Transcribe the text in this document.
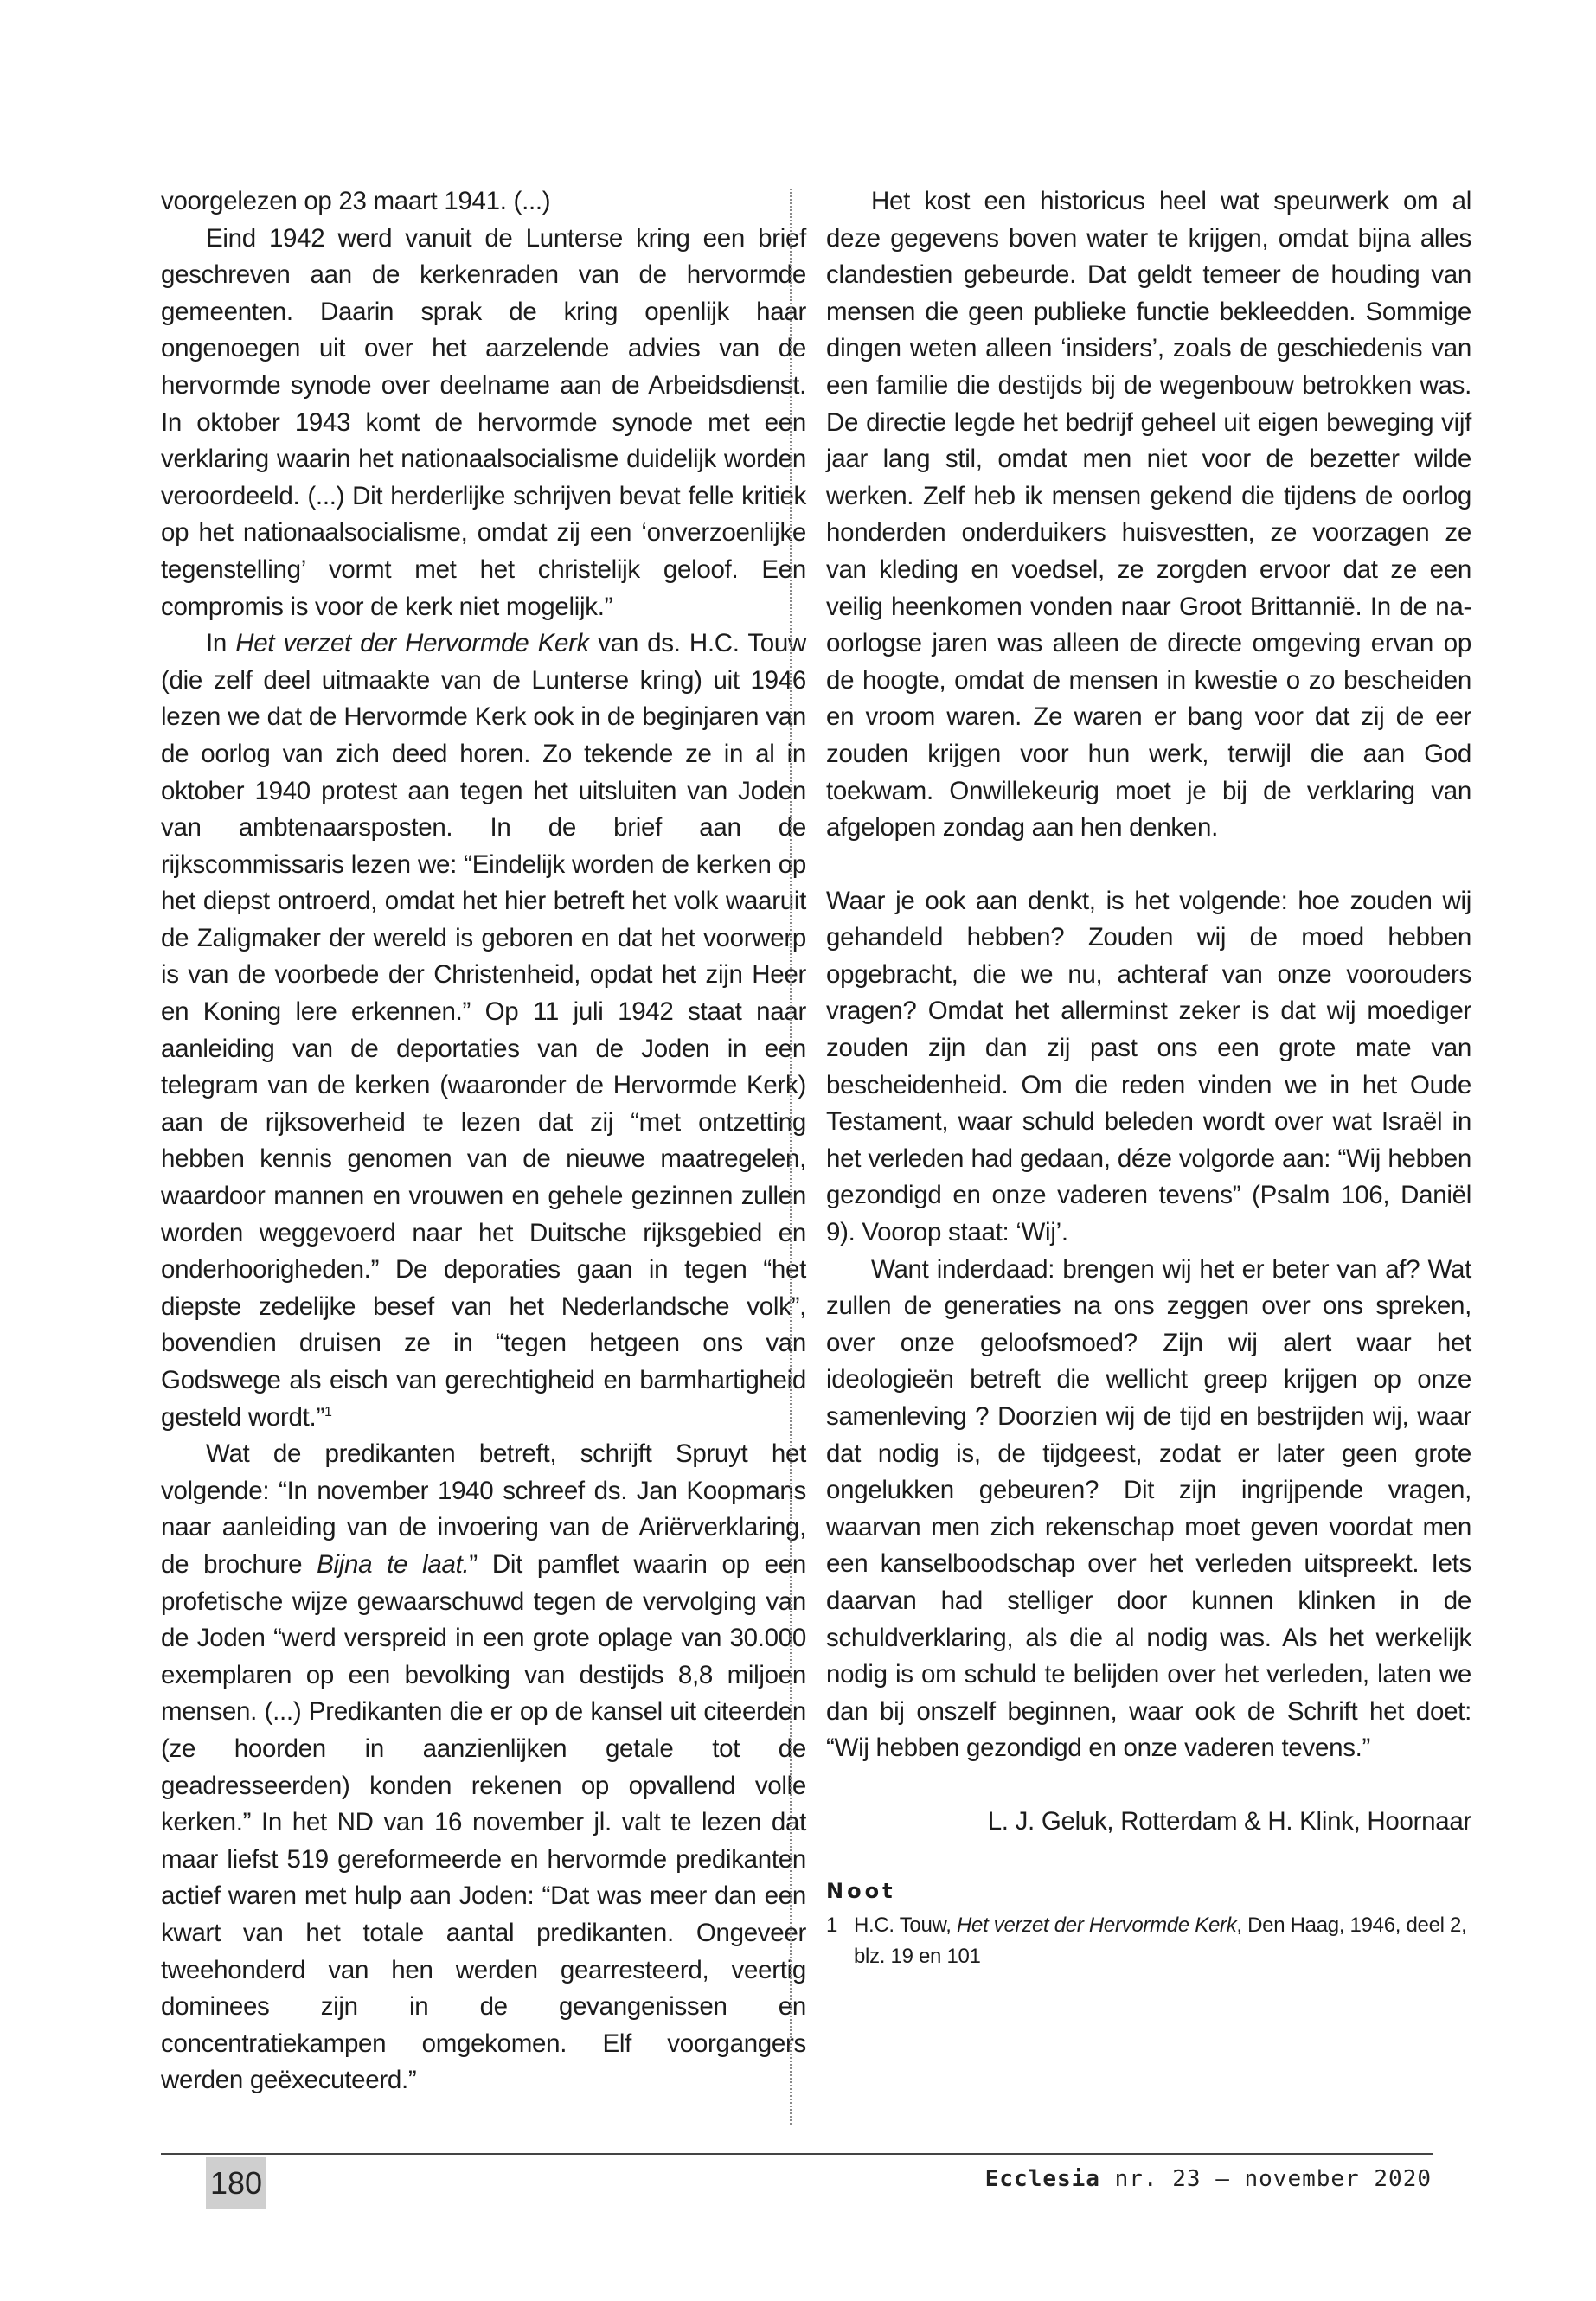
voorgelezen op 23 maart 1941. (...)

Eind 1942 werd vanuit de Lunterse kring een brief geschreven aan de kerkenraden van de hervormde gemeenten. Daarin sprak de kring openlijk haar ongenoegen uit over het aarzelende advies van de hervormde synode over deelname aan de Arbeidsdienst. In oktober 1943 komt de hervormde synode met een verklaring waarin het nationaalsocialisme duidelijk worden veroordeeld. (...) Dit herderlijke schrijven bevat felle kritiek op het nationaalsocialisme, omdat zij een ‘onverzoenlijke tegenstelling’ vormt met het christelijk geloof. Een compromis is voor de kerk niet mogelijk.”

In Het verzet der Hervormde Kerk van ds. H.C. Touw (die zelf deel uitmaakte van de Lunterse kring) uit 1946 lezen we dat de Hervormde Kerk ook in de beginjaren van de oorlog van zich deed horen. Zo tekende ze in al in oktober 1940 protest aan tegen het uitsluiten van Joden van ambtenaarsposten. In de brief aan de rijkscommissaris lezen we: “Eindelijk worden de kerken op het diepst ontroerd, omdat het hier betreft het volk waaruit de Zaligmaker der wereld is geboren en dat het voorwerp is van de voorbede der Christenheid, opdat het zijn Heer en Koning lere erkennen.” Op 11 juli 1942 staat naar aanleiding van de deportaties van de Joden in een telegram van de kerken (waaronder de Hervormde Kerk) aan de rijksoverheid te lezen dat zij “met ontzetting hebben kennis genomen van de nieuwe maatregelen, waardoor mannen en vrouwen en gehele gezinnen zullen worden weggevoerd naar het Duitsche rijksgebied en onderhoorigheden.” De deporaties gaan in tegen “het diepste zedelijke besef van het Nederlandsche volk”, bovendien druisen ze in “tegen hetgeen ons van Godswege als eisch van gerechtigheid en barmhartigheid gesteld wordt.”$^1$

Wat de predikanten betreft, schrijft Spruyt het volgende: “In november 1940 schreef ds. Jan Koopmans naar aanleiding van de invoering van de Ariërverklaring, de brochure Bijna te laat.” Dit pamflet waarin op een profetische wijze gewaarschuwd tegen de vervolging van de Joden “werd verspreid in een grote oplage van 30.000 exemplaren op een bevolking van destijds 8,8 miljoen mensen. (...) Predikanten die er op de kansel uit citeerden (ze hoorden in aanzienlijken getale tot de geadresseerden) konden rekenen op opvallend volle kerken.” In het ND van 16 november jl. valt te lezen dat maar liefst 519 gereformeerde en hervormde predikanten actief waren met hulp aan Joden: “Dat was meer dan een kwart van het totale aantal predikanten. Ongeveer tweehonderd van hen werden gearresteerd, veertig dominees zijn in de gevangenissen en concentratiekampen omgekomen. Elf voorgangers werden geëxecuteerd.”

Het kost een historicus heel wat speurwerk om al deze gegevens boven water te krijgen, omdat bijna alles clandestien gebeurde. Dat geldt temeer de houding van mensen die geen publieke functie bekleedden. Sommige dingen weten alleen ‘insiders’, zoals de geschiedenis van een familie die destijds bij de wegenbouw betrokken was. De directie legde het bedrijf geheel uit eigen beweging vijf jaar lang stil, omdat men niet voor de bezetter wilde werken. Zelf heb ik mensen gekend die tijdens de oorlog honderden onderduikers huisvestten, ze voorzagen ze van kleding en voedsel, ze zorgden ervoor dat ze een veilig heenkomen vonden naar Groot Brittannië. In de na-oorlogse jaren was alleen de directe omgeving ervan op de hoogte, omdat de mensen in kwestie o zo bescheiden en vroom waren. Ze waren er bang voor dat zij de eer zouden krijgen voor hun werk, terwijl die aan God toekwam. Onwillekeurig moet je bij de verklaring van afgelopen zondag aan hen denken.

Waar je ook aan denkt, is het volgende: hoe zouden wij gehandeld hebben? Zouden wij de moed hebben opgebracht, die we nu, achteraf van onze voorouders vragen? Omdat het allerminst zeker is dat wij moediger zouden zijn dan zij past ons een grote mate van bescheidenheid. Om die reden vinden we in het Oude Testament, waar schuld beleden wordt over wat Israël in het verleden had gedaan, déze volgorde aan: “Wij hebben gezondigd en onze vaderen tevens” (Psalm 106, Daniël 9). Voorop staat: ‘Wij’.

Want inderdaad: brengen wij het er beter van af? Wat zullen de generaties na ons zeggen over ons spreken, over onze geloofsmoed? Zijn wij alert waar het ideologieën betreft die wellicht greep krijgen op onze samenleving ? Doorzien wij de tijd en bestrijden wij, waar dat nodig is, de tijdgeest, zodat er later geen grote ongelukken gebeuren? Dit zijn ingrijpende vragen, waarvan men zich rekenschap moet geven voordat men een kanselboodschap over het verleden uitspreekt. Iets daarvan had stelliger door kunnen klinken in de schuldverklaring, als die al nodig was. Als het werkelijk nodig is om schuld te belijden over het verleden, laten we dan bij onszelf beginnen, waar ook de Schrift het doet: “Wij hebben gezondigd en onze vaderen tevens.”

L. J. Geluk, Rotterdam & H. Klink, Hoornaar
Noot
1 H.C. Touw, Het verzet der Hervormde Kerk, Den Haag, 1946, deel 2, blz. 19 en 101
180	Ecclesia nr. 23 — november 2020
